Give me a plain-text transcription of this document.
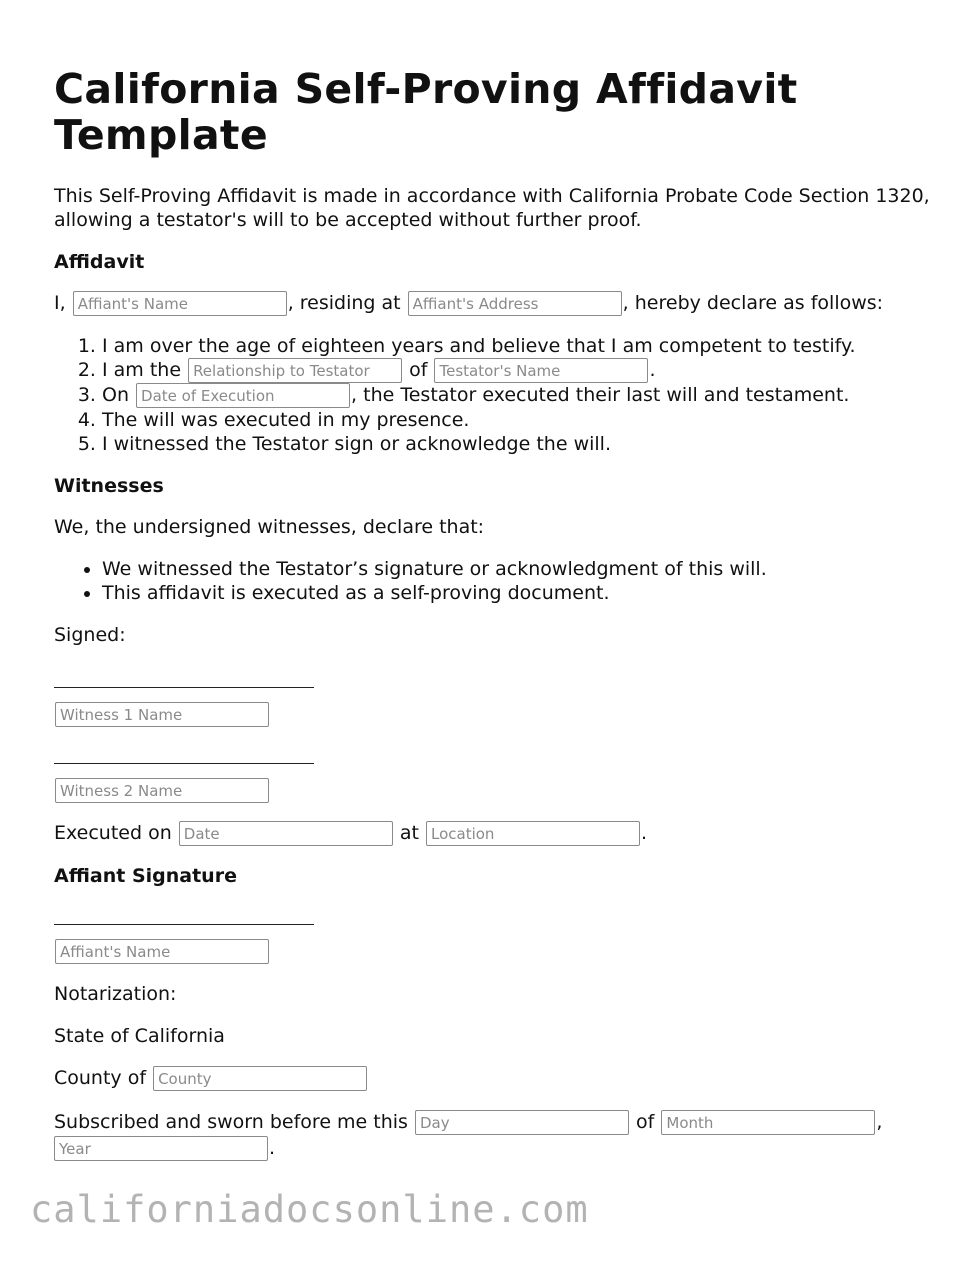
California Self-Proving Affidavit Template

This Self-Proving Affidavit is made in accordance with California Probate Code Section 1320, allowing a testator's will to be accepted without further proof.

Affidavit

I, Affiant's Name	, residing at Affiant's Address	, hereby declare as follows:

1. I am over the age of eighteen years and believe that I am competent to testify.
2. I am the Relationship to Testator	of Testator's Name	.
3. On Date of Execution	, the Testator executed their last will and testament.
4. The will was executed in my presence.
5. I witnessed the Testator sign or acknowledge the will.
Witnesses

We, the undersigned witnesses, declare that:

• We witnessed the Testator’s signature or acknowledgment of this will.
• This affidavit is executed as a self-proving document.

Signed:

Witness 1 Name

Witness 2 Name

Executed on Date	at Location	.

Affiant Signature

Affiant's Name

Notarization:

State of California

County of County

Subscribed and sworn before me this Day	of Month	,
Year.

californiadocsonline.com
